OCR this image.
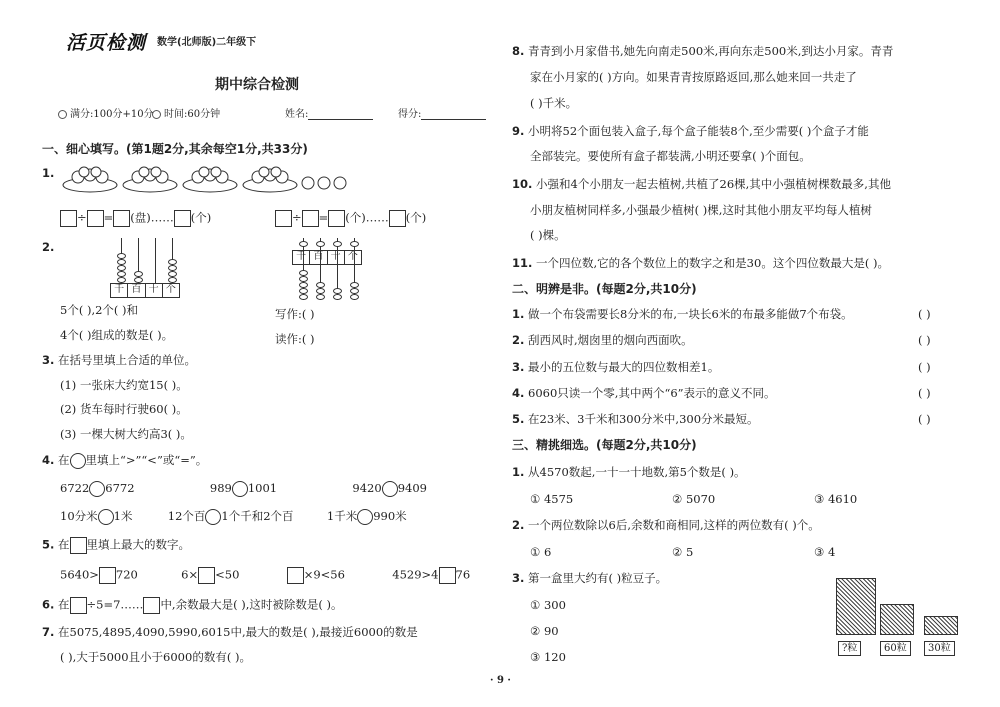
活页检测 数学(北师版)二年级下
期中综合检测
满分:100分+10分	时间:60分钟	姓名:	得分:
一、细心填写。(第1题2分,其余每空1分,共33分)
1.
÷ = (盘)…… (个)	÷ = (个)…… (个)
2.
千 百 十 个
千 百 十 个
5个( ),2个( )和
4个( )组成的数是( )。
写作:( )
读作:( )
3. 在括号里填上合适的单位。
(1) 一张床大约宽15( )。
(2) 货车每时行驶60( )。
(3) 一棵大树大约高3( )。
4. 在 里填上“>”“<”或“=”。
6722 6772	989 1001	9420 9409
10分米 1米	12个百 1个千和2个百	1千米 990米
5. 在 里填上最大的数字。
5640> 720	6× <50	×9<56	4529>4 76
6. 在 ÷5=7…… 中,余数最大是( ),这时被除数是( )。
7. 在5075,4895,4090,5990,6015中,最大的数是( ),最接近6000的数是
( ),大于5000且小于6000的数有( )。
8. 青青到小月家借书,她先向南走500米,再向东走500米,到达小月家。青青
家在小月家的( )方向。如果青青按原路返回,那么她来回一共走了
( )千米。
9. 小明将52个面包装入盒子,每个盒子能装8个,至少需要( )个盒子才能
全部装完。要使所有盒子都装满,小明还要拿( )个面包。
10. 小强和4个小朋友一起去植树,共植了26棵,其中小强植树棵数最多,其他
小朋友植树同样多,小强最少植树( )棵,这时其他小朋友平均每人植树
( )棵。
11. 一个四位数,它的各个数位上的数字之和是30。这个四位数最大是( )。
二、明辨是非。(每题2分,共10分)
1. 做一个布袋需要长8分米的布,一块长6米的布最多能做7个布袋。	( )
2. 刮西风时,烟囱里的烟向西面吹。	( )
3. 最小的五位数与最大的四位数相差1。	( )
4. 6060只读一个零,其中两个“6”表示的意义不同。	( )
5. 在23米、3千米和300分米中,300分米最短。	( )
三、精挑细选。(每题2分,共10分)
1. 从4570数起,一十一十地数,第5个数是( )。
① 4575	② 5070	③ 4610
2. 一个两位数除以6后,余数和商相同,这样的两位数有( )个。
① 6	② 5	③ 4
3. 第一盒里大约有( )粒豆子。
① 300
② 90
③ 120
?粒	60粒	30粒
· 9 ·
